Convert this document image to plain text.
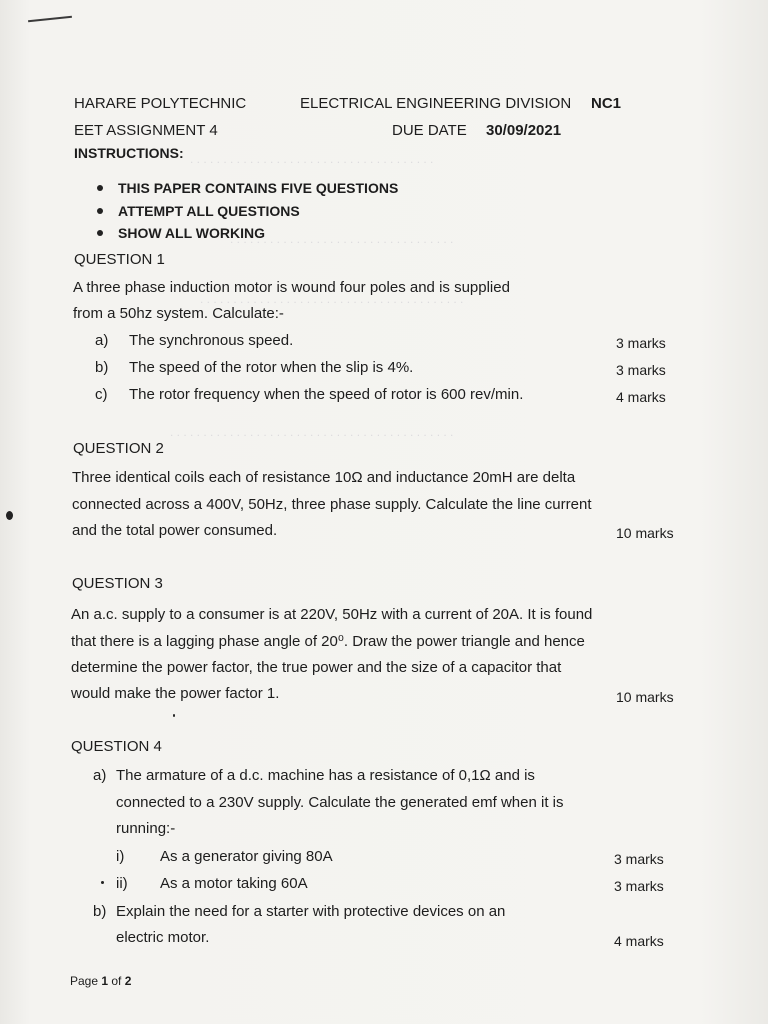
. . . . . . . . . . . . . . . . . . . . . . . . . . . . . . . . . . . . .
. . . . . . . . . . . . . . . . . . . . . . . . . . . . . . . . . .
. . . . . . . . . . . . . . . . . . . . . . . . . . . . . . . . . . . . . . . .
. . . . . . . . . . . . . . . . . . . . . . . . . . . . . . . . . . . . . . . . . . .
HARARE POLYTECHNIC	ELECTRICAL ENGINEERING DIVISION NC1
EET ASSIGNMENT 4	DUE DATE 30/09/2021
INSTRUCTIONS:
THIS PAPER CONTAINS FIVE QUESTIONS
ATTEMPT ALL QUESTIONS
SHOW ALL WORKING
QUESTION 1
A three phase induction motor is wound four poles and is supplied
from a 50hz system. Calculate:-
a) The synchronous speed.	3 marks
b) The speed of the rotor when the slip is 4%.	3 marks
c) The rotor frequency when the speed of rotor is 600 rev/min.	4 marks
QUESTION 2
Three identical coils each of resistance 10Ω and inductance 20mH are delta
connected across a 400V, 50Hz, three phase supply. Calculate the line current
and the total power consumed.	10 marks
QUESTION 3
An a.c. supply to a consumer is at 220V, 50Hz with a current of 20A. It is found
that there is a lagging phase angle of 20⁰. Draw the power triangle and hence
determine the power factor, the true power and the size of a capacitor that
would make the power factor 1.	10 marks
QUESTION 4
a) The armature of a d.c. machine has a resistance of 0,1Ω and is
connected to a 230V supply. Calculate the generated emf when it is
running:-
i) As a generator giving 80A	3 marks
ii) As a motor taking 60A	3 marks
b) Explain the need for a starter with protective devices on an
electric motor.	4 marks
Page 1 of 2
